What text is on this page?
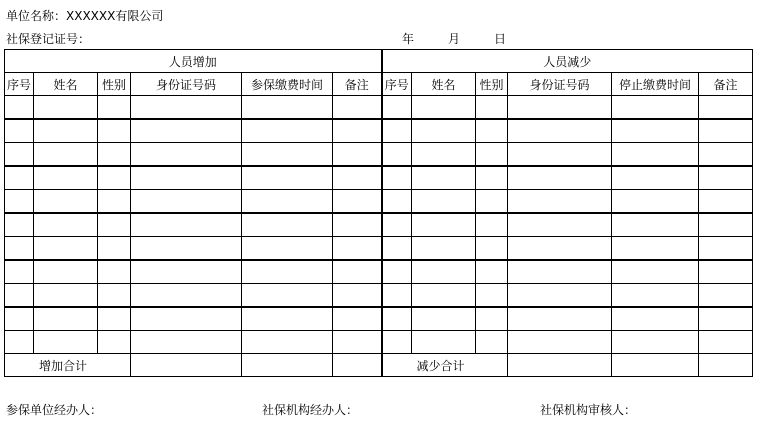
单位名称：XXXXXX有限公司
社保登记证号：	年	月	日
人员增加						人员减少					
序号	姓名	性别	身份证号码	参保缴费时间	备注	序号	姓名	性别	身份证号码	停止缴费时间	备注

增加合计						减少合计					
参保单位经办人：	社保机构经办人：	社保机构审核人：
